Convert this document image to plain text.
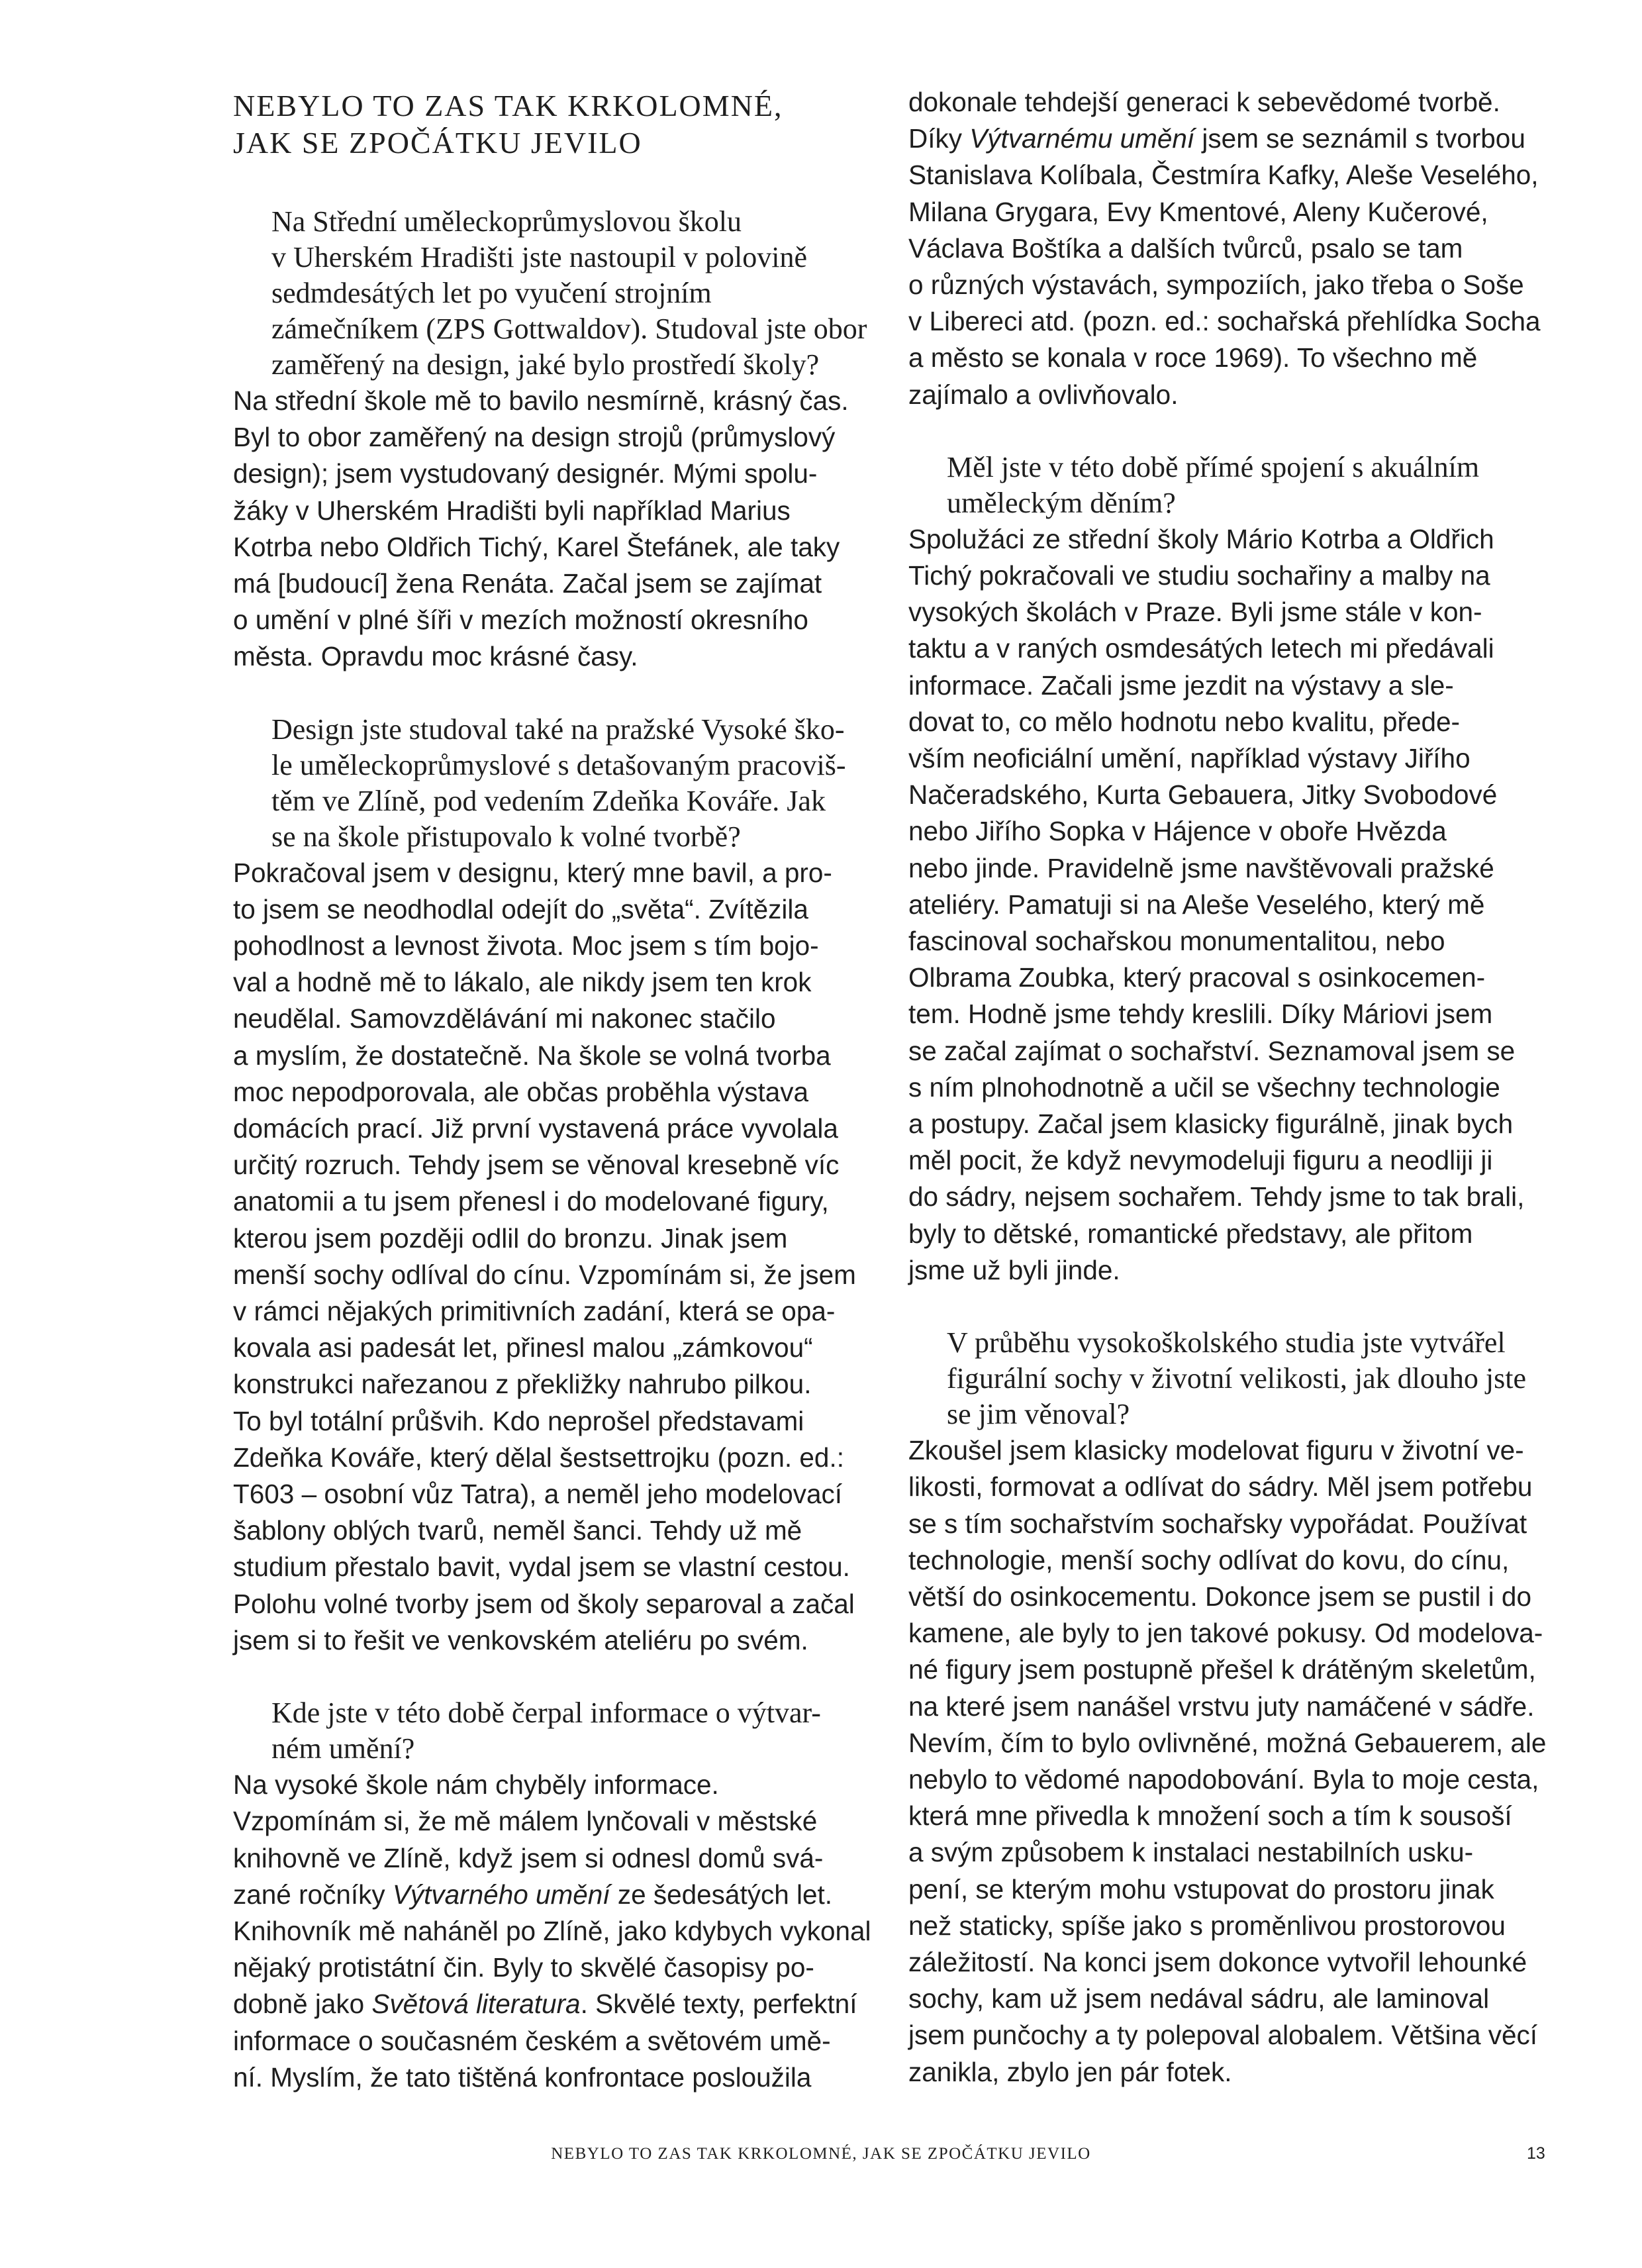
NEBYLO TO ZAS TAK KRKOLOMNÉ,
JAK SE ZPOČÁTKU JEVILO
Na Střední uměleckoprůmyslovou školu
v Uherském Hradišti jste nastoupil v polovině
sedmdesátých let po vyučení strojním
zámečníkem (ZPS Gottwaldov). Studoval jste obor
zaměřený na design, jaké bylo prostředí školy?
Na střední škole mě to bavilo nesmírně, krásný čas.
Byl to obor zaměřený na design strojů (průmyslový
design); jsem vystudovaný designér. Mými spolu-
žáky v Uherském Hradišti byli například Marius
Kotrba nebo Oldřich Tichý, Karel Štefánek, ale taky
má [budoucí] žena Renáta. Začal jsem se zajímat
o umění v plné šíři v mezích možností okresního
města. Opravdu moc krásné časy.
Design jste studoval také na pražské Vysoké ško-
le uměleckoprůmyslové s detašovaným pracoviš-
těm ve Zlíně, pod vedením Zdeňka Kováře. Jak
se na škole přistupovalo k volné tvorbě?
Pokračoval jsem v designu, který mne bavil, a pro-
to jsem se neodhodlal odejít do „světa“. Zvítězila
pohodlnost a levnost života. Moc jsem s tím bojo-
val a hodně mě to lákalo, ale nikdy jsem ten krok
neudělal. Samovzdělávání mi nakonec stačilo
a myslím, že dostatečně. Na škole se volná tvorba
moc nepodporovala, ale občas proběhla výstava
domácích prací. Již první vystavená práce vyvolala
určitý rozruch. Tehdy jsem se věnoval kresebně víc
anatomii a tu jsem přenesl i do modelované figury,
kterou jsem později odlil do bronzu. Jinak jsem
menší sochy odlíval do cínu. Vzpomínám si, že jsem
v rámci nějakých primitivních zadání, která se opa-
kovala asi padesát let, přinesl malou „zámkovou“
konstrukci nařezanou z překližky nahrubo pilkou.
To byl totální průšvih. Kdo neprošel představami
Zdeňka Kováře, který dělal šestsettrojku (pozn. ed.:
T603 – osobní vůz Tatra), a neměl jeho modelovací
šablony oblých tvarů, neměl šanci. Tehdy už mě
studium přestalo bavit, vydal jsem se vlastní cestou.
Polohu volné tvorby jsem od školy separoval a začal
jsem si to řešit ve venkovském ateliéru po svém.
Kde jste v této době čerpal informace o výtvar-
ném umění?
Na vysoké škole nám chyběly informace.
Vzpomínám si, že mě málem lynčovali v městské
knihovně ve Zlíně, když jsem si odnesl domů svá-
zané ročníky Výtvarného umění ze šedesátých let.
Knihovník mě naháněl po Zlíně, jako kdybych vykonal
nějaký protistátní čin. Byly to skvělé časopisy po-
dobně jako Světová literatura. Skvělé texty, perfektní
informace o současném českém a světovém umě-
ní. Myslím, že tato tištěná konfrontace posloužila
dokonale tehdejší generaci k sebevědomé tvorbě.
Díky Výtvarnému umění jsem se seznámil s tvorbou
Stanislava Kolíbala, Čestmíra Kafky, Aleše Veselého,
Milana Grygara, Evy Kmentové, Aleny Kučerové,
Václava Boštíka a dalších tvůrců, psalo se tam
o různých výstavách, sympoziích, jako třeba o Soše
v Libereci atd. (pozn. ed.: sochařská přehlídka Socha
a město se konala v roce 1969). To všechno mě
zajímalo a ovlivňovalo.
Měl jste v této době přímé spojení s akuálním
uměleckým děním?
Spolužáci ze střední školy Mário Kotrba a Oldřich
Tichý pokračovali ve studiu sochařiny a malby na
vysokých školách v Praze. Byli jsme stále v kon-
taktu a v raných osmdesátých letech mi předávali
informace. Začali jsme jezdit na výstavy a sle-
dovat to, co mělo hodnotu nebo kvalitu, přede-
vším neoficiální umění, například výstavy Jiřího
Načeradského, Kurta Gebauera, Jitky Svobodové
nebo Jiřího Sopka v Hájence v oboře Hvězda
nebo jinde. Pravidelně jsme navštěvovali pražské
ateliéry. Pamatuji si na Aleše Veselého, který mě
fascinoval sochařskou monumentalitou, nebo
Olbrama Zoubka, který pracoval s osinkocemen-
tem. Hodně jsme tehdy kreslili. Díky Máriovi jsem
se začal zajímat o sochařství. Seznamoval jsem se
s ním plnohodnotně a učil se všechny technologie
a postupy. Začal jsem klasicky figurálně, jinak bych
měl pocit, že když nevymodeluji figuru a neodliji ji
do sádry, nejsem sochařem. Tehdy jsme to tak brali,
byly to dětské, romantické představy, ale přitom
jsme už byli jinde.
V průběhu vysokoškolského studia jste vytvářel
figurální sochy v životní velikosti, jak dlouho jste
se jim věnoval?
Zkoušel jsem klasicky modelovat figuru v životní ve-
likosti, formovat a odlívat do sádry. Měl jsem potřebu
se s tím sochařstvím sochařsky vypořádat. Používat
technologie, menší sochy odlívat do kovu, do cínu,
větší do osinkocementu. Dokonce jsem se pustil i do
kamene, ale byly to jen takové pokusy. Od modelova-
né figury jsem postupně přešel k drátěným skeletům,
na které jsem nanášel vrstvu juty namáčené v sádře.
Nevím, čím to bylo ovlivněné, možná Gebauerem, ale
nebylo to vědomé napodobování. Byla to moje cesta,
která mne přivedla k množení soch a tím k sousoší
a svým způsobem k instalaci nestabilních usku-
pení, se kterým mohu vstupovat do prostoru jinak
než staticky, spíše jako s proměnlivou prostorovou
záležitostí. Na konci jsem dokonce vytvořil lehounké
sochy, kam už jsem nedával sádru, ale laminoval
jsem punčochy a ty polepoval alobalem. Většina věcí
zanikla, zbylo jen pár fotek.
NEBYLO TO ZAS TAK KRKOLOMNÉ, JAK SE ZPOČÁTKU JEVILO	13
